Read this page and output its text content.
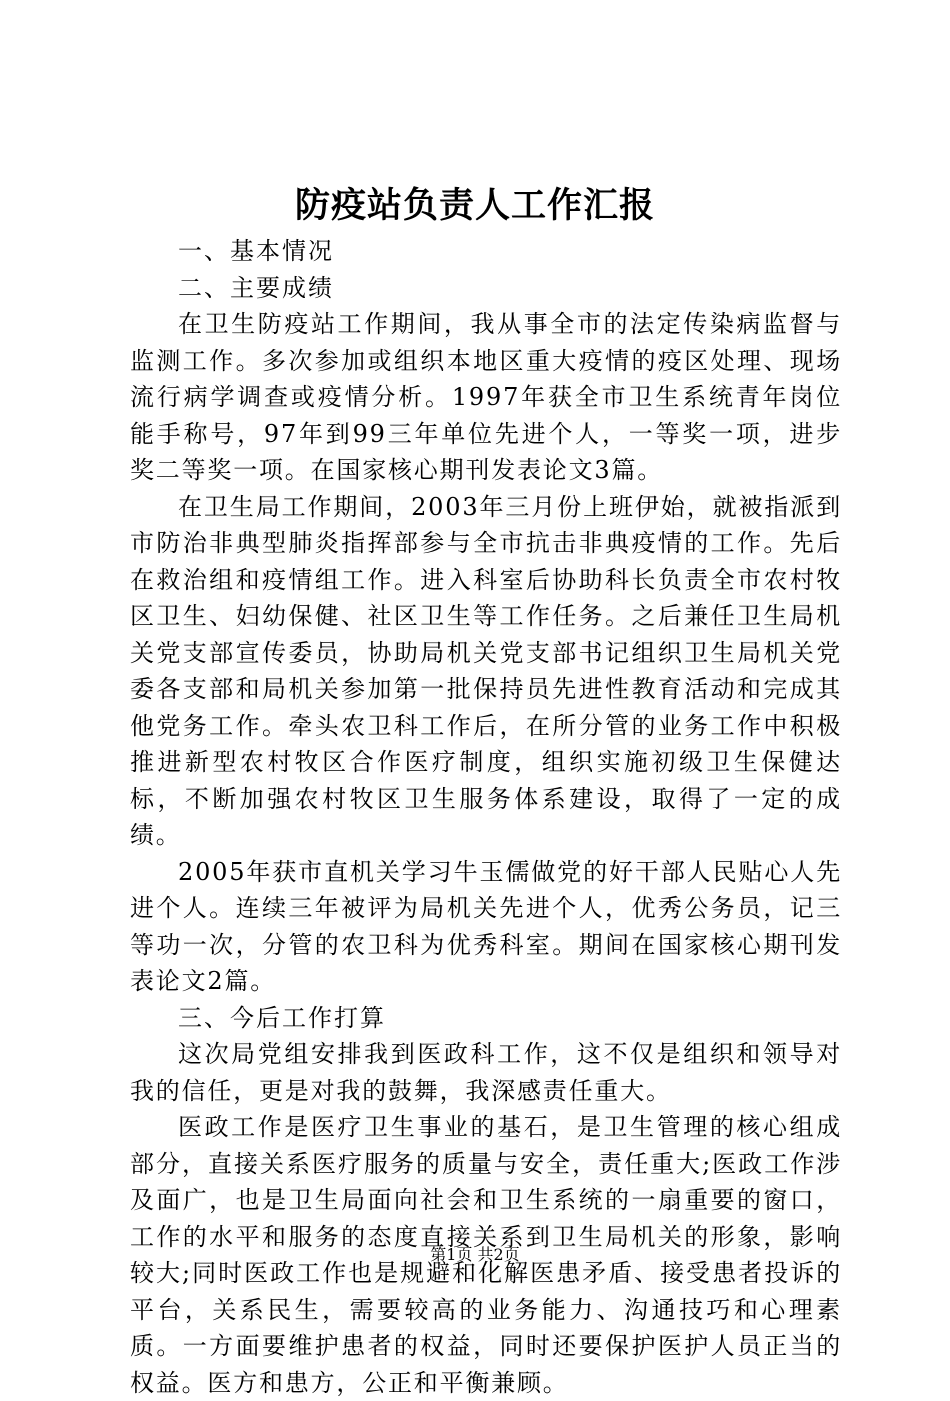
防疫站负责人工作汇报

一、基本情况

二、主要成绩

在卫生防疫站工作期间，我从事全市的法定传染病监督与监测工作。多次参加或组织本地区重大疫情的疫区处理、现场流行病学调查或疫情分析。1997年获全市卫生系统青年岗位能手称号，97年到99三年单位先进个人，一等奖一项，进步奖二等奖一项。在国家核心期刊发表论文3篇。

在卫生局工作期间，2003年三月份上班伊始，就被指派到市防治非典型肺炎指挥部参与全市抗击非典疫情的工作。先后在救治组和疫情组工作。进入科室后协助科长负责全市农村牧区卫生、妇幼保健、社区卫生等工作任务。之后兼任卫生局机关党支部宣传委员，协助局机关党支部书记组织卫生局机关党委各支部和局机关参加第一批保持员先进性教育活动和完成其他党务工作。牵头农卫科工作后，在所分管的业务工作中积极推进新型农村牧区合作医疗制度，组织实施初级卫生保健达标，不断加强农村牧区卫生服务体系建设，取得了一定的成绩。

2005年获市直机关学习牛玉儒做党的好干部人民贴心人先进个人。连续三年被评为局机关先进个人，优秀公务员，记三等功一次，分管的农卫科为优秀科室。期间在国家核心期刊发表论文2篇。

三、今后工作打算

这次局党组安排我到医政科工作，这不仅是组织和领导对我的信任，更是对我的鼓舞，我深感责任重大。

医政工作是医疗卫生事业的基石，是卫生管理的核心组成部分，直接关系医疗服务的质量与安全，责任重大;医政工作涉及面广，也是卫生局面向社会和卫生系统的一扇重要的窗口，工作的水平和服务的态度直接关系到卫生局机关的形象，影响较大;同时医政工作也是规避和化解医患矛盾、接受患者投诉的平台，关系民生，需要较高的业务能力、沟通技巧和心理素质。一方面要维护患者的权益，同时还要保护医护人员正当的权益。医方和患方，公正和平衡兼顾。

第1页 共2页
